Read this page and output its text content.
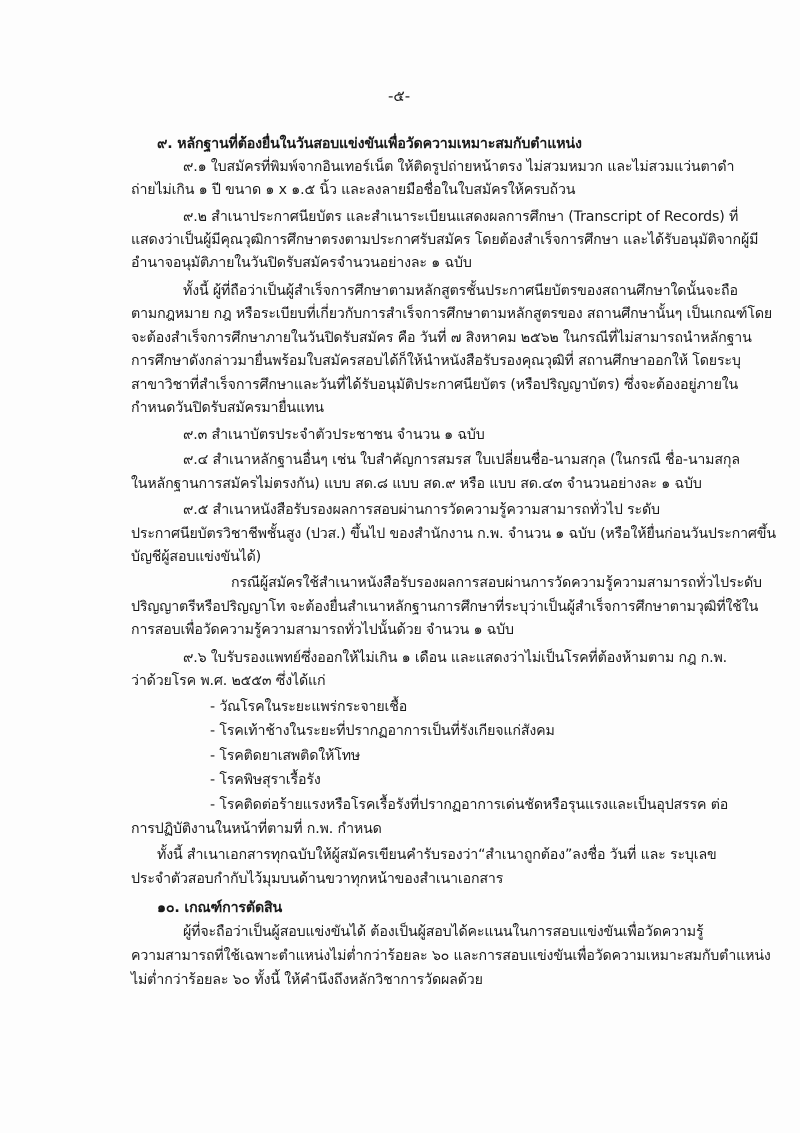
-๕-
๙. หลักฐานที่ต้องยื่นในวันสอบแข่งขันเพื่อวัดความเหมาะสมกับตำแหน่ง
๙.๑ ใบสมัครที่พิมพ์จากอินเทอร์เน็ต ให้ติดรูปถ่ายหน้าตรง ไม่สวมหมวก และไม่สวมแว่นตาดำ
ถ่ายไม่เกิน ๑ ปี ขนาด ๑ x ๑.๕ นิ้ว และลงลายมือชื่อในใบสมัครให้ครบถ้วน
๙.๒ สำเนาประกาศนียบัตร และสำเนาระเบียนแสดงผลการศึกษา (Transcript of Records) ที่
แสดงว่าเป็นผู้มีคุณวุฒิการศึกษาตรงตามประกาศรับสมัคร โดยต้องสำเร็จการศึกษา และได้รับอนุมัติจากผู้มี
อำนาจอนุมัติภายในวันปิดรับสมัครจำนวนอย่างละ ๑ ฉบับ
ทั้งนี้ ผู้ที่ถือว่าเป็นผู้สำเร็จการศึกษาตามหลักสูตรชั้นประกาศนียบัตรของสถานศึกษาใดนั้นจะถือ
ตามกฎหมาย กฎ หรือระเบียบที่เกี่ยวกับการสำเร็จการศึกษาตามหลักสูตรของ สถานศึกษานั้นๆ เป็นเกณฑ์โดย
จะต้องสำเร็จการศึกษาภายในวันปิดรับสมัคร คือ วันที่ ๗ สิงหาคม ๒๕๖๒ ในกรณีที่ไม่สามารถนำหลักฐาน
การศึกษาดังกล่าวมายื่นพร้อมใบสมัครสอบได้ก็ให้นำหนังสือรับรองคุณวุฒิที่ สถานศึกษาออกให้ โดยระบุ
สาขาวิชาที่สำเร็จการศึกษาและวันที่ได้รับอนุมัติประกาศนียบัตร (หรือปริญญาบัตร) ซึ่งจะต้องอยู่ภายใน
กำหนดวันปิดรับสมัครมายื่นแทน
๙.๓ สำเนาบัตรประจำตัวประชาชน จำนวน ๑ ฉบับ
๙.๔ สำเนาหลักฐานอื่นๆ เช่น ใบสำคัญการสมรส ใบเปลี่ยนชื่อ-นามสกุล (ในกรณี ชื่อ-นามสกุล
ในหลักฐานการสมัครไม่ตรงกัน) แบบ สด.๘ แบบ สด.๙ หรือ แบบ สด.๔๓ จำนวนอย่างละ ๑ ฉบับ
๙.๕ สำเนาหนังสือรับรองผลการสอบผ่านการวัดความรู้ความสามารถทั่วไป ระดับ
ประกาศนียบัตรวิชาชีพชั้นสูง (ปวส.) ขึ้นไป ของสำนักงาน ก.พ. จำนวน ๑ ฉบับ (หรือให้ยื่นก่อนวันประกาศขึ้น
บัญชีผู้สอบแข่งขันได้)
กรณีผู้สมัครใช้สำเนาหนังสือรับรองผลการสอบผ่านการวัดความรู้ความสามารถทั่วไประดับ
ปริญญาตรีหรือปริญญาโท จะต้องยื่นสำเนาหลักฐานการศึกษาที่ระบุว่าเป็นผู้สำเร็จการศึกษาตามวุฒิที่ใช้ใน
การสอบเพื่อวัดความรู้ความสามารถทั่วไปนั้นด้วย จำนวน ๑ ฉบับ
๙.๖ ใบรับรองแพทย์ซึ่งออกให้ไม่เกิน ๑ เดือน และแสดงว่าไม่เป็นโรคที่ต้องห้ามตาม กฎ ก.พ.
ว่าด้วยโรค พ.ศ. ๒๕๕๓ ซึ่งได้แก่
- วัณโรคในระยะแพร่กระจายเชื้อ
- โรคเท้าช้างในระยะที่ปรากฏอาการเป็นที่รังเกียจแก่สังคม
- โรคติดยาเสพติดให้โทษ
- โรคพิษสุราเรื้อรัง
- โรคติดต่อร้ายแรงหรือโรคเรื้อรังที่ปรากฏอาการเด่นชัดหรือรุนแรงและเป็นอุปสรรค ต่อ
การปฏิบัติงานในหน้าที่ตามที่ ก.พ. กำหนด
ทั้งนี้ สำเนาเอกสารทุกฉบับให้ผู้สมัครเขียนคำรับรองว่า“สำเนาถูกต้อง”ลงชื่อ วันที่ และ ระบุเลข
ประจำตัวสอบกำกับไว้มุมบนด้านขวาทุกหน้าของสำเนาเอกสาร
๑๐. เกณฑ์การตัดสิน
ผู้ที่จะถือว่าเป็นผู้สอบแข่งขันได้ ต้องเป็นผู้สอบได้คะแนนในการสอบแข่งขันเพื่อวัดความรู้
ความสามารถที่ใช้เฉพาะตำแหน่งไม่ต่ำกว่าร้อยละ ๖๐ และการสอบแข่งขันเพื่อวัดความเหมาะสมกับตำแหน่ง
ไม่ต่ำกว่าร้อยละ ๖๐ ทั้งนี้ ให้คำนึงถึงหลักวิชาการวัดผลด้วย
